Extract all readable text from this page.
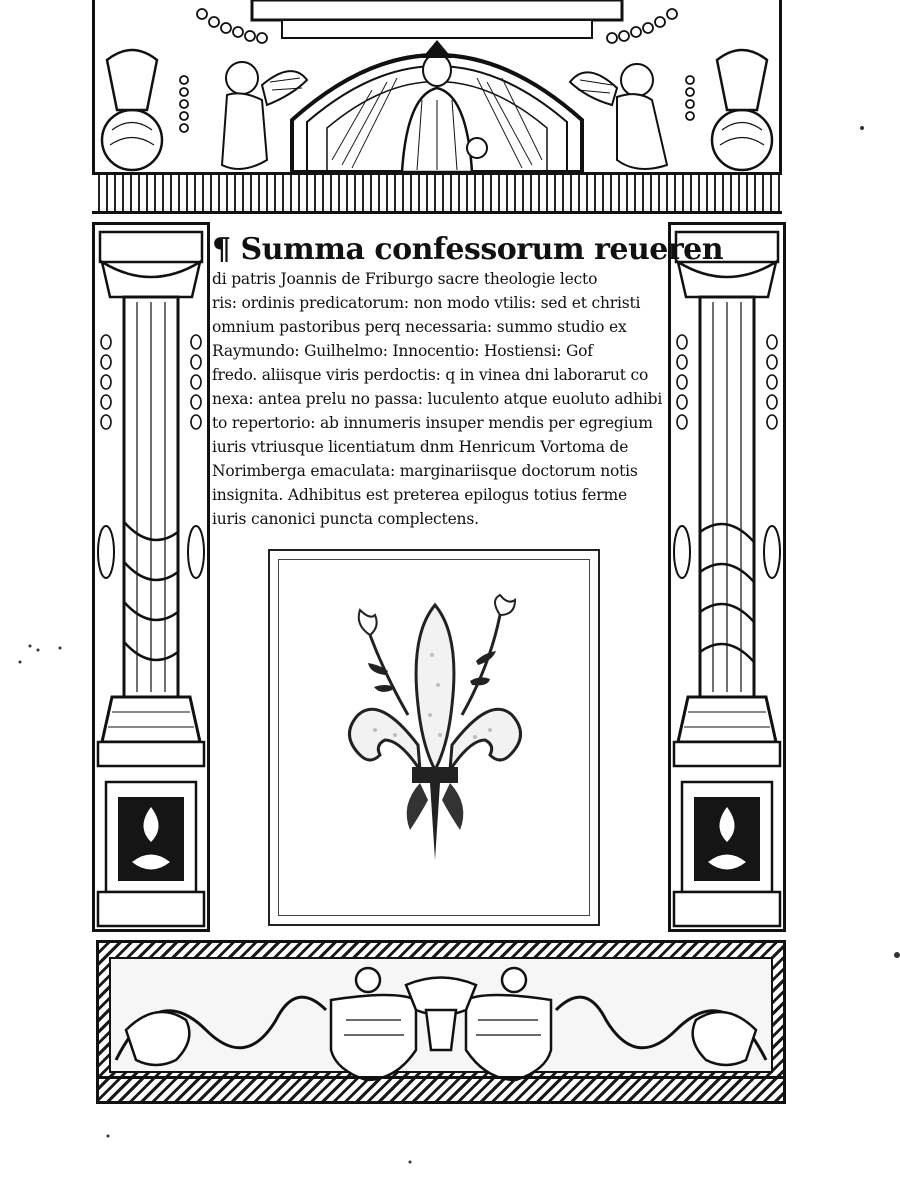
¶ Summa confessorum reueren
di patris Joannis de Friburgo sacre theologie lecto
ris: ordinis predicatorum: non modo vtilis: sed et christi
omnium pastoribus perq necessaria: summo studio ex
Raymundo: Guilhelmo: Innocentio: Hostiensi: Gof
fredo. aliisque viris perdoctis: q in vinea dni laborarut co
nexa: antea prelu no passa: luculento atque euoluto adhibi
to repertorio: ab innumeris insuper mendis per egregium
iuris vtriusque licentiatum dnm Henricum Vortoma de
Norimberga emaculata: marginariisque doctorum notis
insignita. Adhibitus est preterea epilogus totius ferme
iuris canonici puncta complectens.
